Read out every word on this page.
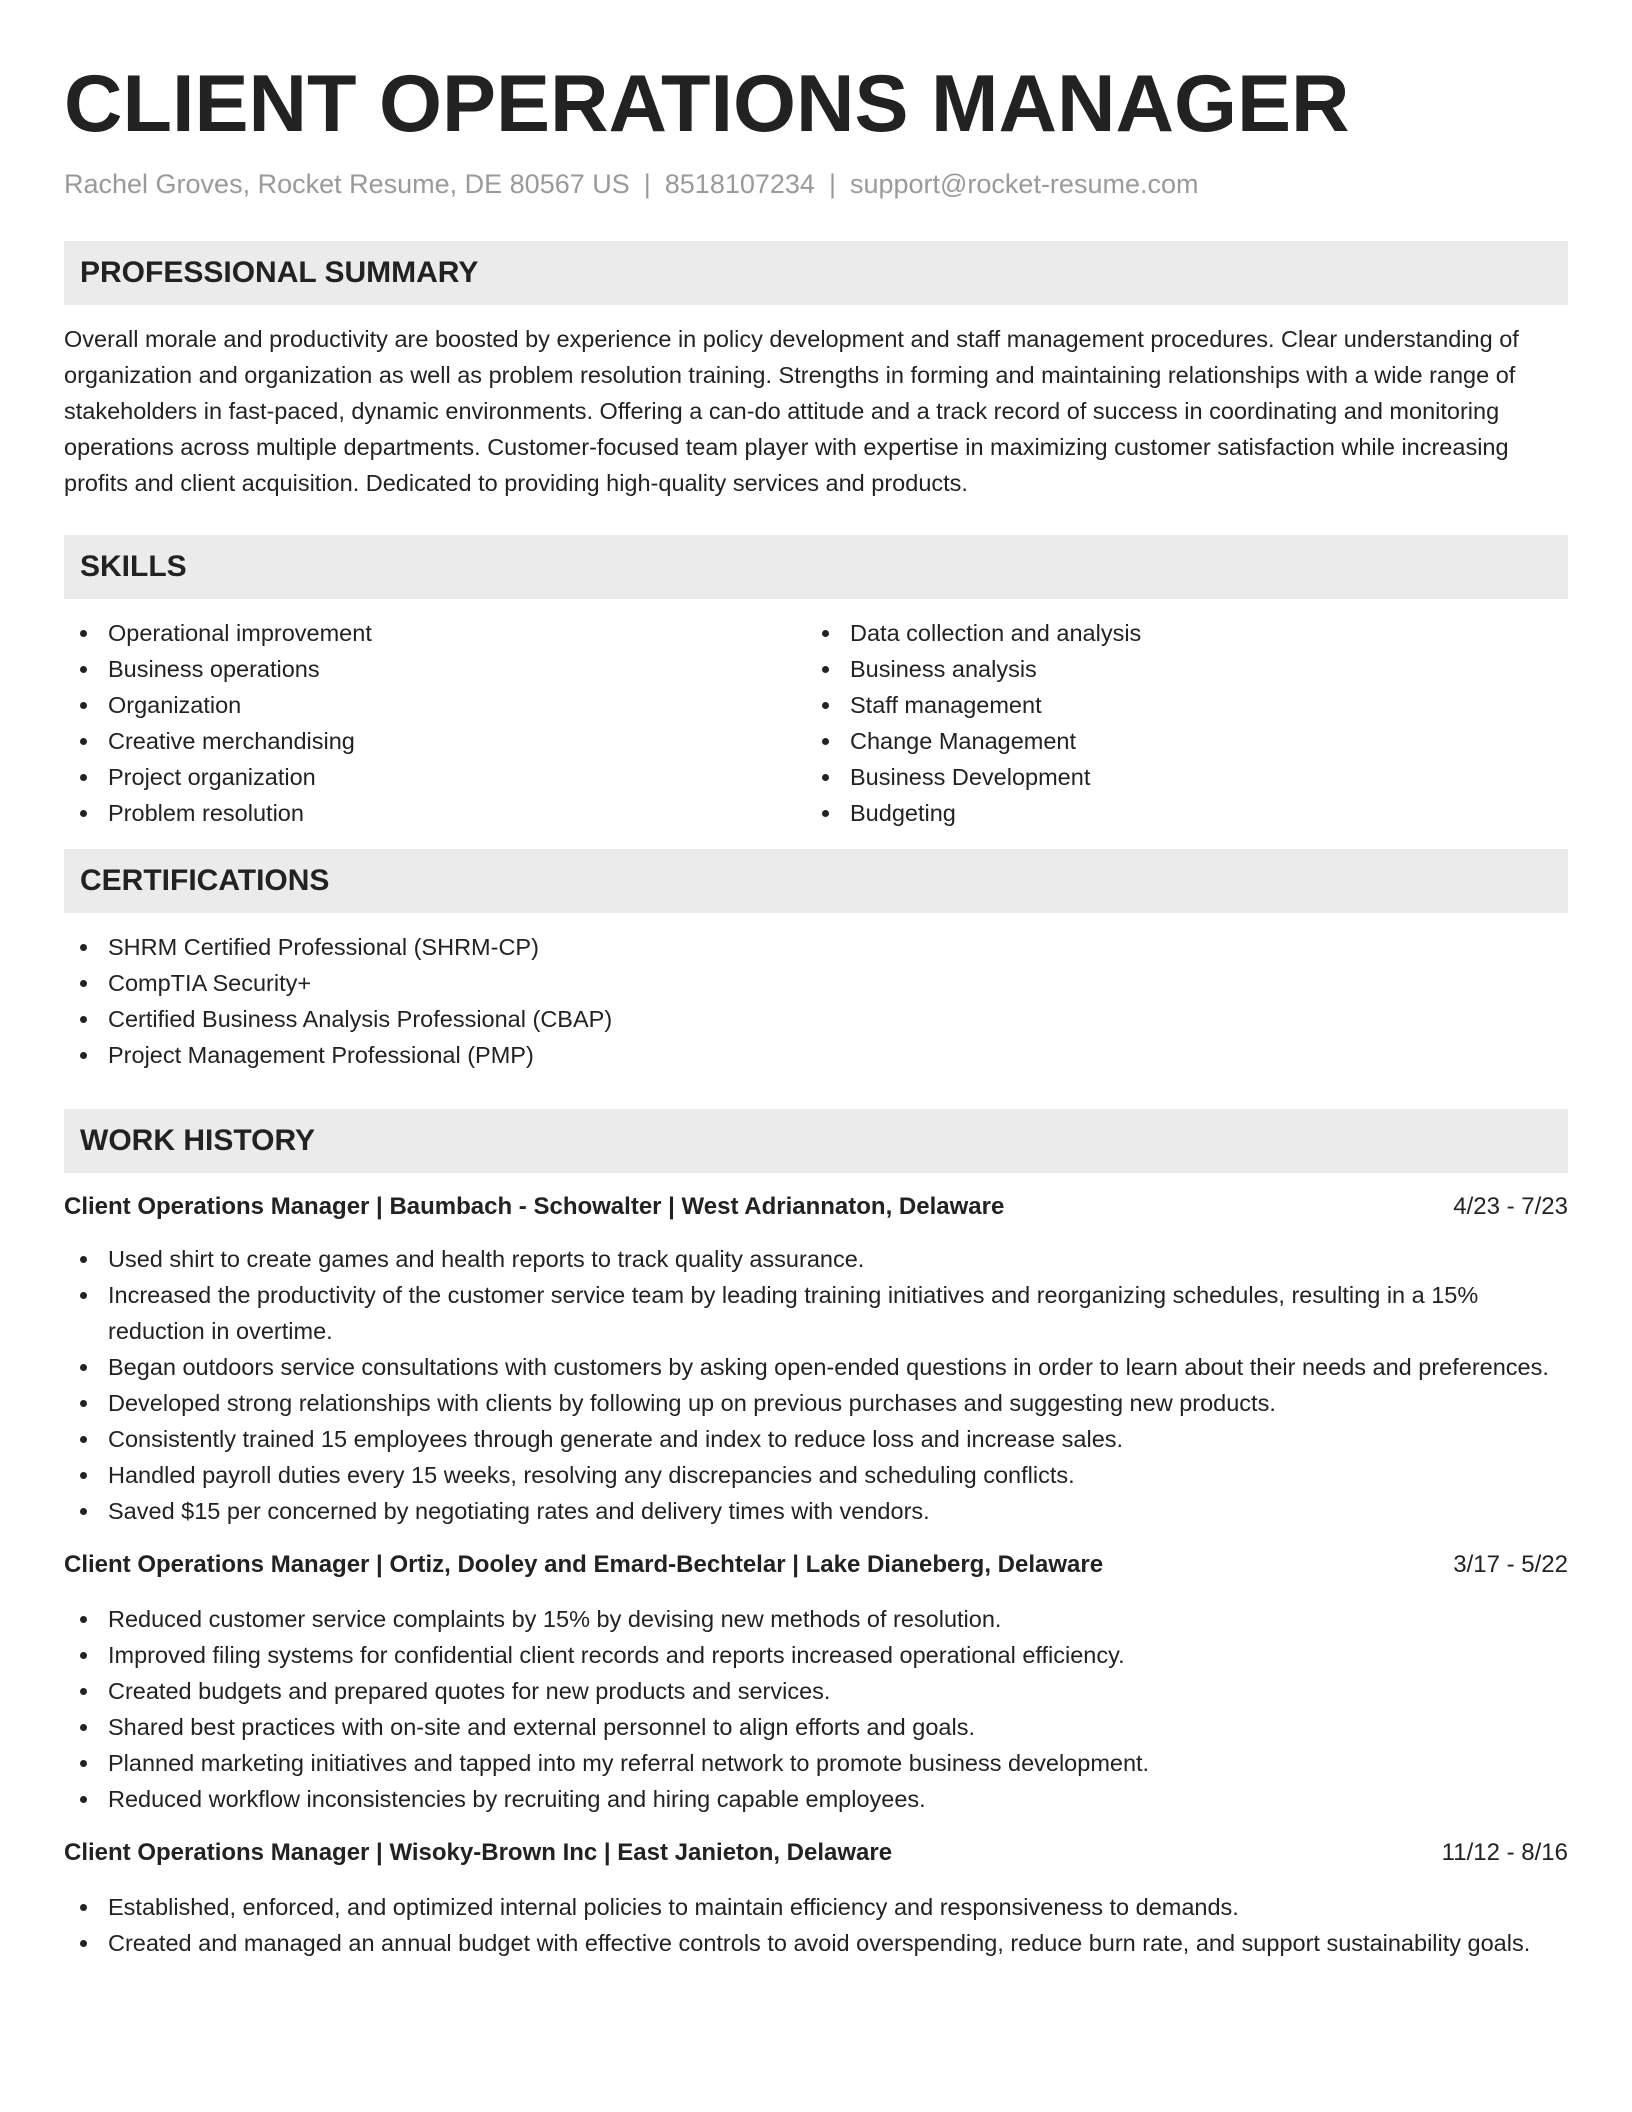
CLIENT OPERATIONS MANAGER
Rachel Groves, Rocket Resume, DE 80567 US | 8518107234 | support@rocket-resume.com
PROFESSIONAL SUMMARY

Overall morale and productivity are boosted by experience in policy development and staff management procedures. Clear understanding of organization and organization as well as problem resolution training. Strengths in forming and maintaining relationships with a wide range of stakeholders in fast-paced, dynamic environments. Offering a can-do attitude and a track record of success in coordinating and monitoring operations across multiple departments. Customer-focused team player with expertise in maximizing customer satisfaction while increasing profits and client acquisition. Dedicated to providing high-quality services and products.

SKILLS
Operational improvement
Business operations
Organization
Creative merchandising
Project organization
Problem resolution
Data collection and analysis
Business analysis
Staff management
Change Management
Business Development
Budgeting
CERTIFICATIONS
SHRM Certified Professional (SHRM-CP)
CompTIA Security+
Certified Business Analysis Professional (CBAP)
Project Management Professional (PMP)
WORK HISTORY
Client Operations Manager | Baumbach - Schowalter | West Adriannaton, Delaware	4/23 - 7/23
Used shirt to create games and health reports to track quality assurance.
Increased the productivity of the customer service team by leading training initiatives and reorganizing schedules, resulting in a 15% reduction in overtime.
Began outdoors service consultations with customers by asking open-ended questions in order to learn about their needs and preferences.
Developed strong relationships with clients by following up on previous purchases and suggesting new products.
Consistently trained 15 employees through generate and index to reduce loss and increase sales.
Handled payroll duties every 15 weeks, resolving any discrepancies and scheduling conflicts.
Saved $15 per concerned by negotiating rates and delivery times with vendors.
Client Operations Manager | Ortiz, Dooley and Emard-Bechtelar | Lake Dianeberg, Delaware	3/17 - 5/22
Reduced customer service complaints by 15% by devising new methods of resolution.
Improved filing systems for confidential client records and reports increased operational efficiency.
Created budgets and prepared quotes for new products and services.
Shared best practices with on-site and external personnel to align efforts and goals.
Planned marketing initiatives and tapped into my referral network to promote business development.
Reduced workflow inconsistencies by recruiting and hiring capable employees.
Client Operations Manager | Wisoky-Brown Inc | East Janieton, Delaware	11/12 - 8/16
Established, enforced, and optimized internal policies to maintain efficiency and responsiveness to demands.
Created and managed an annual budget with effective controls to avoid overspending, reduce burn rate, and support sustainability goals.
